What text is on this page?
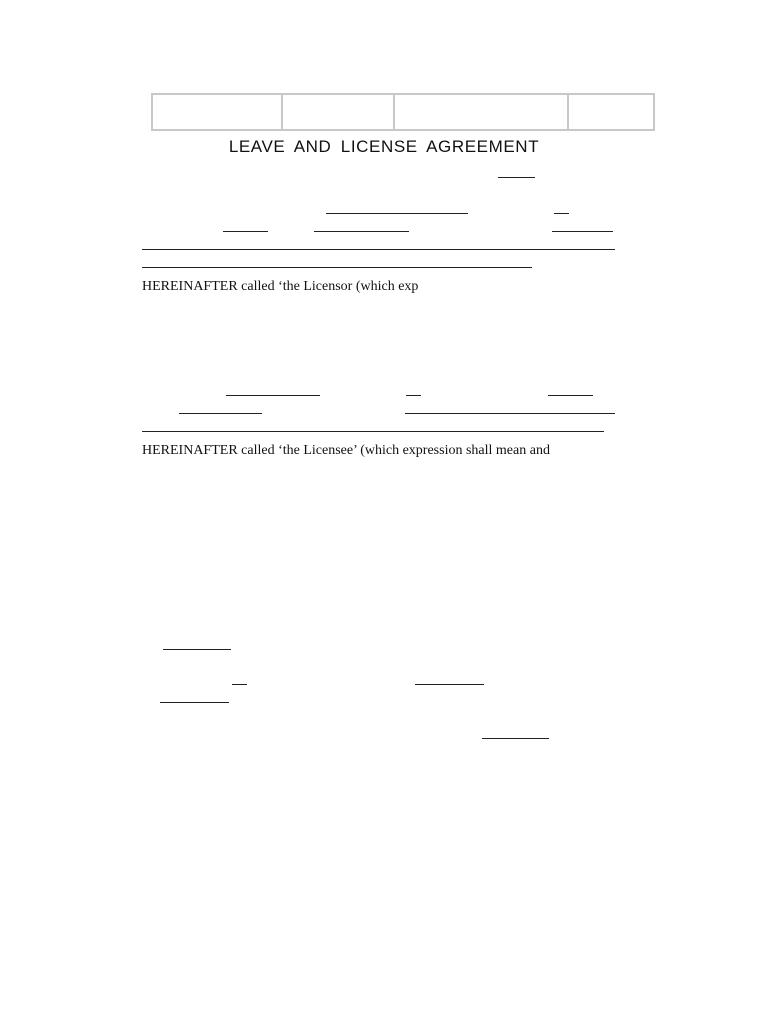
LEAVE AND LICENSE AGREEMENT
HEREINAFTER called ‘the Licensor (which exp
HEREINAFTER called ‘the Licensee’ (which expression shall mean and
